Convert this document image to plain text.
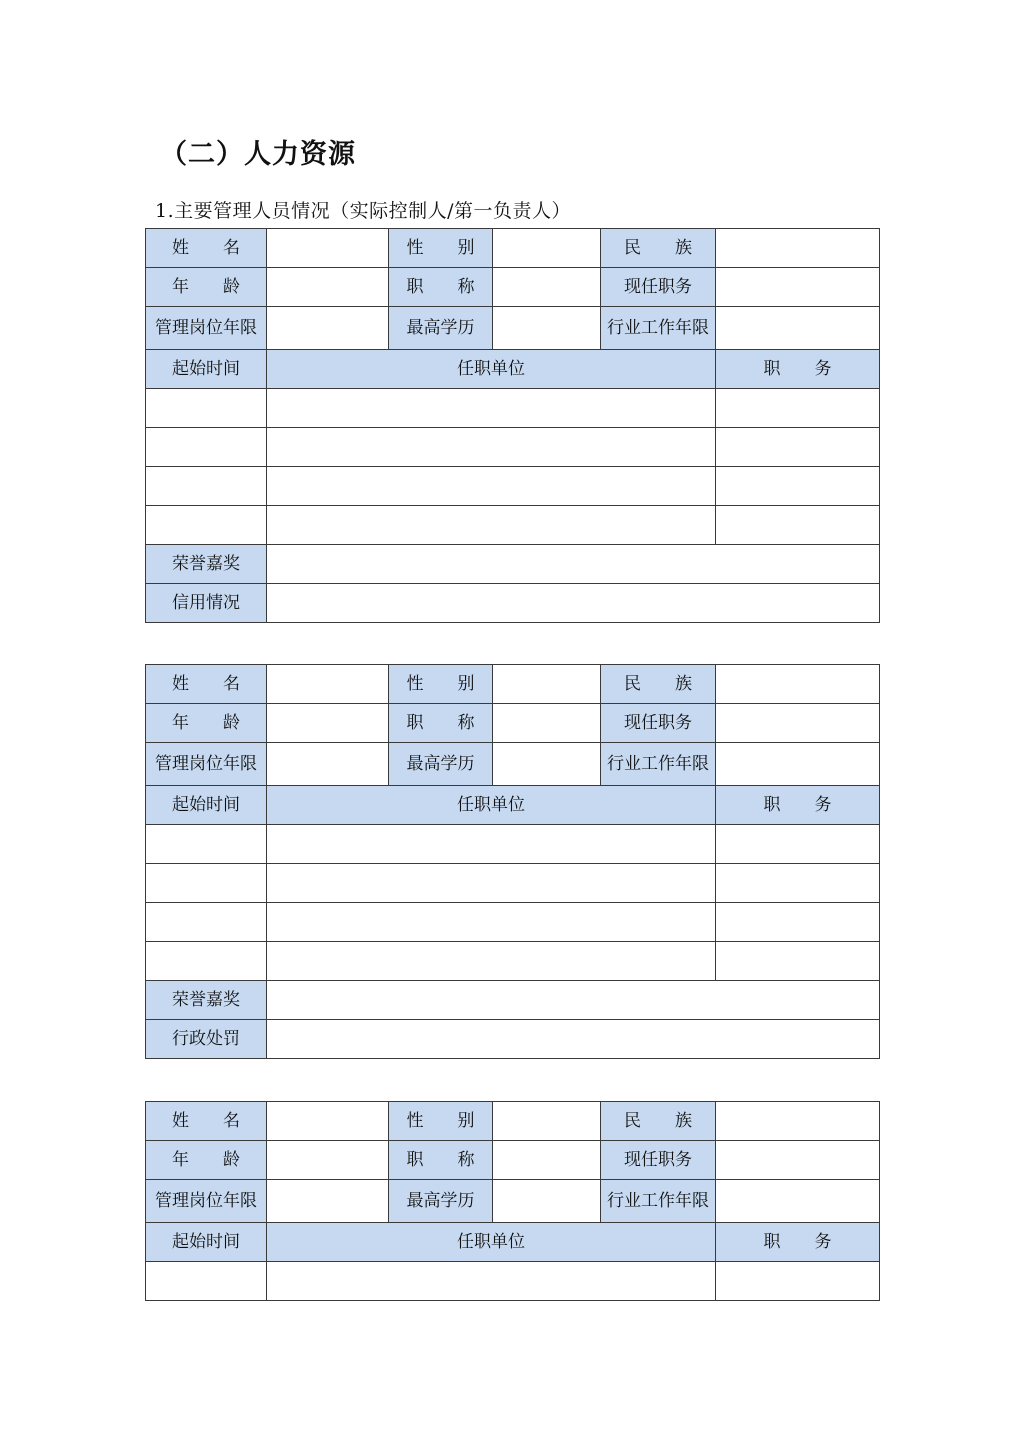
（二）人力资源
1.主要管理人员情况（实际控制人/第一负责人）
姓　　名		性　　别		民　　族	
年　　龄		职　　称		现任职务	
管理岗位年限		最高学历		行业工作年限	
起始时间	任职单位				职　　务

荣誉嘉奖					
信用情况					
姓　　名		性　　别		民　　族	
年　　龄		职　　称		现任职务	
管理岗位年限		最高学历		行业工作年限	
起始时间	任职单位				职　　务

荣誉嘉奖					
行政处罚					
姓　　名		性　　别		民　　族	
年　　龄		职　　称		现任职务	
管理岗位年限		最高学历		行业工作年限	
起始时间	任职单位				职　　务
